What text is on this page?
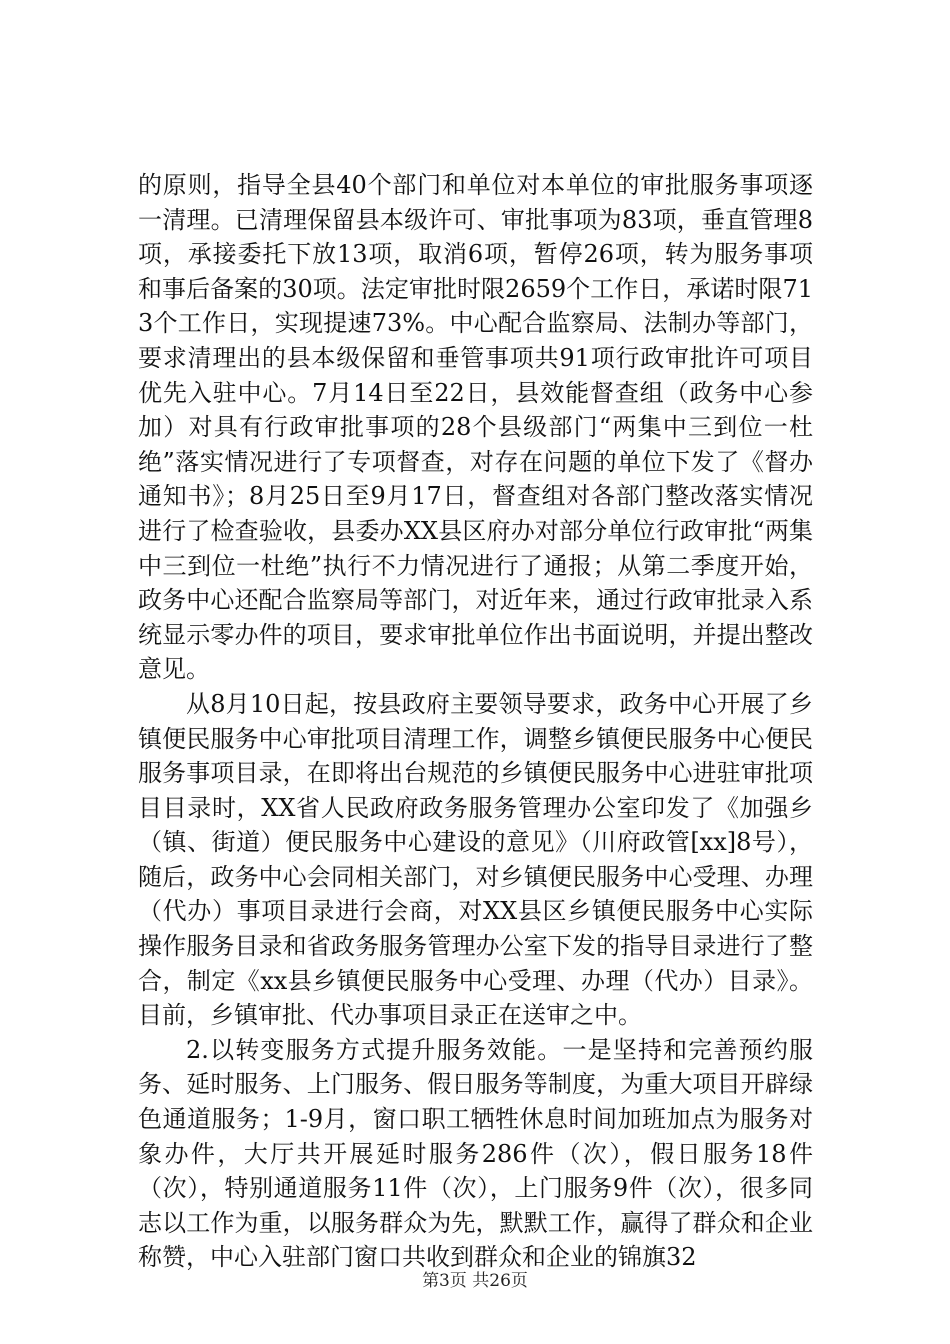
的原则，指导全县40个部门和单位对本单位的审批服务事项逐一清理。已清理保留县本级许可、审批事项为83项，垂直管理8项，承接委托下放13项，取消6项，暂停26项，转为服务事项和事后备案的30项。法定审批时限2659个工作日，承诺时限713个工作日，实现提速73%。中心配合监察局、法制办等部门，要求清理出的县本级保留和垂管事项共91项行政审批许可项目优先入驻中心。7月14日至22日，县效能督查组（政务中心参加）对具有行政审批事项的28个县级部门“两集中三到位一杜绝”落实情况进行了专项督查，对存在问题的单位下发了《督办通知书》；8月25日至9月17日，督查组对各部门整改落实情况进行了检查验收，县委办XX县区府办对部分单位行政审批“两集中三到位一杜绝”执行不力情况进行了通报；从第二季度开始，政务中心还配合监察局等部门，对近年来，通过行政审批录入系统显示零办件的项目，要求审批单位作出书面说明，并提出整改意见。

从8月10日起，按县政府主要领导要求，政务中心开展了乡镇便民服务中心审批项目清理工作，调整乡镇便民服务中心便民服务事项目录，在即将出台规范的乡镇便民服务中心进驻审批项目目录时，XX省人民政府政务服务管理办公室印发了《加强乡（镇、街道）便民服务中心建设的意见》（川府政管[xx]8号），随后，政务中心会同相关部门，对乡镇便民服务中心受理、办理（代办）事项目录进行会商，对XX县区乡镇便民服务中心实际操作服务目录和省政务服务管理办公室下发的指导目录进行了整合，制定《xx县乡镇便民服务中心受理、办理（代办）目录》。目前，乡镇审批、代办事项目录正在送审之中。

2.以转变服务方式提升服务效能。一是坚持和完善预约服务、延时服务、上门服务、假日服务等制度，为重大项目开辟绿色通道服务；1-9月，窗口职工牺牲休息时间加班加点为服务对象办件，大厅共开展延时服务286件（次），假日服务18件（次），特别通道服务11件（次），上门服务9件（次），很多同志以工作为重，以服务群众为先，默默工作，赢得了群众和企业称赞，中心入驻部门窗口共收到群众和企业的锦旗32

第3页 共26页
